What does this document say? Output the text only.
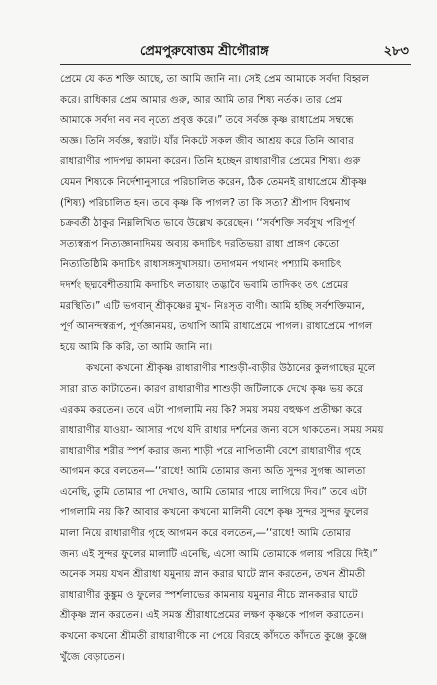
প্রেমপুরুষোত্তম শ্রীগৌরাঙ্গ	২৮৩
প্রেমে যে কত শক্তি আছে, তা আমি জানি না। সেই প্রেম আমাকে সর্বদা বিহ্বল
করে। রাধিকার প্রেম আমার গুরু, আর আমি তার শিষ্য নর্তক। তার প্রেম
আমাকে সর্বদা নব নব নৃত্যে প্রবৃত্ত করে।” তবে সর্বজ্ঞ কৃষ্ণ রাধাপ্রেম সম্বন্ধে
অজ্ঞ। তিনি সর্বজ্ঞ, স্বরাট। যাঁর নিকটে সকল জীব আশ্রয় করে তিনি আবার
রাধারাণীর পাদপদ্ম কামনা করেন। তিনি হচ্ছেন রাধারাণীর প্রেমের শিষ্য। গুরু
যেমন শিষ্যকে নির্দেশানুসারে পরিচালিত করেন, ঠিক তেমনই রাধাপ্রেমে শ্রীকৃষ্ণ
(শিষ্য) পরিচালিত হন। তবে কৃষ্ণ কি পাগল? তা কি সত্য? শ্রীপাদ বিশ্বনাথ
চক্রবর্তী ঠাকুর নিম্নলিখিত ভাবে উল্লেখ করেছেন। ‘‘সর্বশক্তি সর্বসুখ পরিপূর্ণ
সত্যস্বরূপ নিত্যজ্ঞানাদিময় অব্যয় কদাচিৎ দরতিভয়া রাধা প্রাঙ্গণ কেতো
নিত্যতিষ্ঠিমি কদাচিৎ রাধাসঙ্গসুখাসয়া। তদাগমন পথানং পশ্যামি কদাচিৎ
দদর্শং ছদ্মবেশীতয়ামি কদাচিৎ লতায়াং তদ্ভাবৈ ভবামি তাদিকং তৎ প্রেমের
মরস্থিতি।” এটি ভগবান্ শ্রীকৃষ্ণের মুখ- নিঃসৃত বাণী। আমি হচ্ছি সর্বশক্তিমান,
পূর্ণ আনন্দস্বরূপ, পূর্ণজ্ঞানময়, তথাপি আমি রাধাপ্রেমে পাগল। রাধাপ্রেমে পাগল
হয়ে আমি কি করি, তা আমি জানি না।
কখনো কখনো শ্রীকৃষ্ণ রাধারাণীর শাশুড়ী-বাড়ীর উঠানের কুলগাছের মূলে
সারা রাত কাটাতেন। কারণ রাধারাণীর শাশুড়ী জটিলাকে দেখে কৃষ্ণ ভয় করে
এরকম করতেন। তবে এটা পাগলামি নয় কি? সময় সময় বহুক্ষণ প্রতীক্ষা করে
রাধারাণীর যাওয়া- আসার পথে যদি রাধার দর্শনের জন্য বসে থাকতেন। সময় সময়
রাধারাণীর শরীর স্পর্শ করার জন্য শাড়ী পরে নাপিতানী বেশে রাধারাণীর গৃহে
আগমন করে বলতেন—‘‘রাধে! আমি তোমার জন্য অতি সুন্দর সুগন্ধ আলতা
এনেছি, তুমি তোমার পা দেখাও, আমি তোমার পায়ে লাগিয়ে দিব।” তবে এটা
পাগলামি নয় কি? আবার কখনো কখনো মালিনী বেশে কৃষ্ণ সুন্দর সুন্দর ফুলের
মালা নিয়ে রাধারাণীর গৃহে আগমন করে বলতেন,—‘‘রাধে! আমি তোমার
জন্য এই সুন্দর ফুলের মালাটি এনেছি, এসো আমি তোমাকে গলায় পরিয়ে দিই।”
অনেক সময় যখন শ্রীরাধা যমুনায় স্নান করার ঘাটে স্নান করতেন, তখন শ্রীমতী
রাধারাণীর কুঙ্কুম ও ফুলের স্পর্শলাভের কামনায় যমুনার নীচে স্নানকরার ঘাটে
শ্রীকৃষ্ণ স্নান করতেন। এই সমস্ত শ্রীরাধাপ্রেমের লক্ষণ কৃষ্ণকে পাগল করাতেন।
কখনো কখনো শ্রীমতী রাধারাণীকে না পেয়ে বিরহে কাঁদতে কাঁদতে কুঞ্জে কুঞ্জে
খুঁজে বেড়াতেন।
